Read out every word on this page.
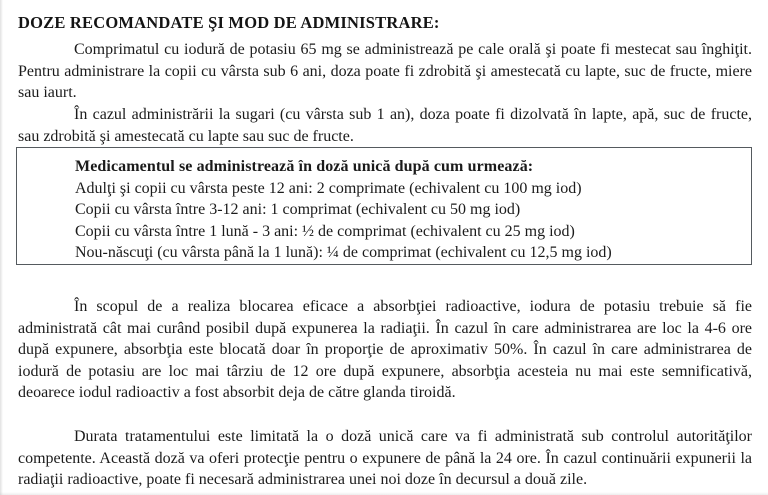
DOZE RECOMANDATE ŞI MOD DE ADMINISTRARE:

Comprimatul cu iodură de potasiu 65 mg se administrează pe cale orală şi poate fi mestecat sau înghiţit. Pentru administrare la copii cu vârsta sub 6 ani, doza poate fi zdrobită şi amestecată cu lapte, suc de fructe, miere sau iaurt.

În cazul administrării la sugari (cu vârsta sub 1 an), doza poate fi dizolvată în lapte, apă, suc de fructe, sau zdrobită şi amestecată cu lapte sau suc de fructe.

Medicamentul se administrează în doză unică după cum urmează:
Adulţi şi copii cu vârsta peste 12 ani: 2 comprimate (echivalent cu 100 mg iod)
Copii cu vârsta între 3-12 ani: 1 comprimat (echivalent cu 50 mg iod)
Copii cu vârsta între 1 lună - 3 ani: ½ de comprimat (echivalent cu 25 mg iod)
Nou-născuţi (cu vârsta până la 1 lună): ¼ de comprimat (echivalent cu 12,5 mg iod)

În scopul de a realiza blocarea eficace a absorbţiei radioactive, iodura de potasiu trebuie să fie administrată cât mai curând posibil după expunerea la radiaţii. În cazul în care administrarea are loc la 4-6 ore după expunere, absorbţia este blocată doar în proporţie de aproximativ 50%. În cazul în care administrarea de iodură de potasiu are loc mai târziu de 12 ore după expunere, absorbţia acesteia nu mai este semnificativă, deoarece iodul radioactiv a fost absorbit deja de către glanda tiroidă.

Durata tratamentului este limitată la o doză unică care va fi administrată sub controlul autorităţilor competente. Această doză va oferi protecţie pentru o expunere de până la 24 ore. În cazul continuării expunerii la radiaţii radioactive, poate fi necesară administrarea unei noi doze în decursul a două zile.
